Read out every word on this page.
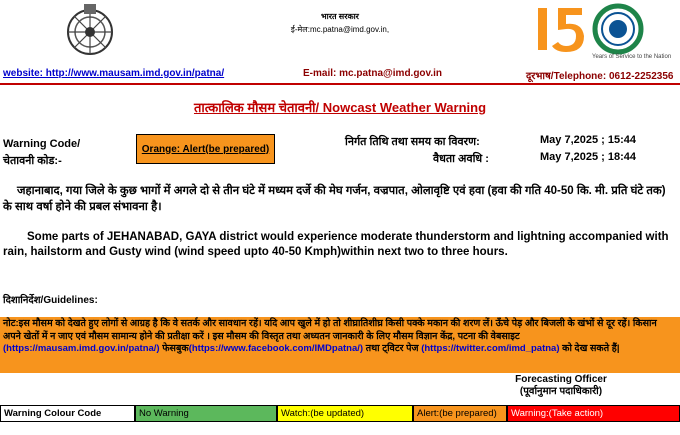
भारत सरकार
ई-मेल:mc.patna@imd.gov.in,
Years of Service to the Nation
website: http://www.mausam.imd.gov.in/patna/	E-mail: mc.patna@imd.gov.in	दूरभाष/Telephone: 0612-2252356
तात्कालिक मौसम चेतावनी/ Nowcast Weather Warning
Warning Code/
चेतावनी कोड:-
Orange: Alert(be prepared)
निर्गत तिथि तथा समय का विवरण:	May 7,2025 ; 15:44
वैधता अवधि :	May 7,2025 ; 18:44
जहानाबाद, गया जिले के कुछ भागों में अगले दो से तीन घंटे में मध्यम दर्जे की मेघ गर्जन, वज्रपात, ओलावृष्टि एवं हवा (हवा की गति 40-50 कि. मी. प्रति घंटे तक) के साथ वर्षा होने की प्रबल संभावना है।
Some parts of JEHANABAD, GAYA district would experience moderate thunderstorm and lightning accompanied with rain, hailstorm and Gusty wind (wind speed upto 40-50 Kmph)within next two to three hours.
दिशानिर्देश/Guidelines:
नोट:इस मौसम को देखते हुए लोगों से आग्रह है कि वे सतर्क और सावधान रहें। यदि आप खुले में हो तो शीघ्रातिशीघ्र किसी पक्के मकान की शरण लें। ऊँचे पेड़ और बिजली के खंभों से दूर रहें। किसान अपने खेतों में न जाए एवं मौसम सामान्य होने की प्रतीक्षा करें । इस मौसम की विस्तृत तथा अध्यतन जानकारी के लिए मौसम विज्ञान केंद्र, पटना की वेबसाइट (https://mausam.imd.gov.in/patna/) फेसबुक(https://www.facebook.com/IMDpatna/) तथा ट्विटर पेज (https://twitter.com/imd_patna) को देख सकते हैं|
Forecasting Officer
(पूर्वानुमान पदाधिकारी)
Warning Colour Code	No Warning	Watch:(be updated)	Alert:(be prepared)	Warning:(Take action)
